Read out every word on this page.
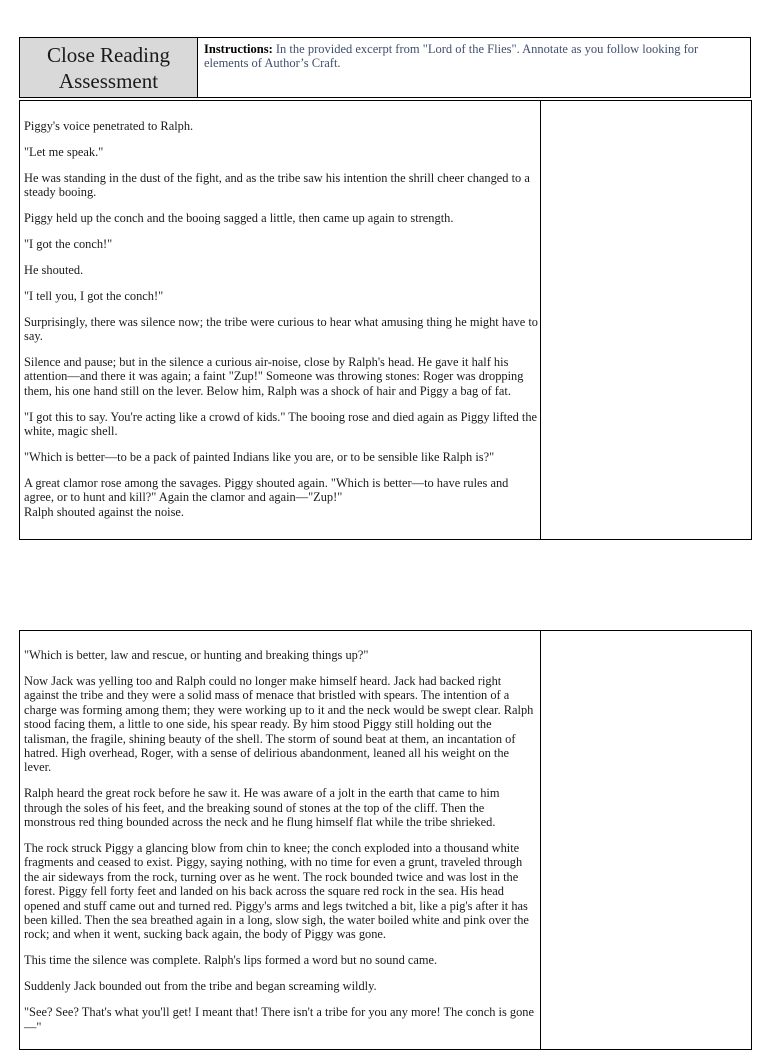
Close Reading Assessment
Instructions: In the provided excerpt from "Lord of the Flies". Annotate as you follow looking for elements of Author’s Craft.

Piggy's voice penetrated to Ralph.

"Let me speak."

He was standing in the dust of the fight, and as the tribe saw his intention the shrill cheer changed to a steady booing.

Piggy held up the conch and the booing sagged a little, then came up again to strength.

"I got the conch!"

He shouted.

"I tell you, I got the conch!"

Surprisingly, there was silence now; the tribe were curious to hear what amusing thing he might have to say.

Silence and pause; but in the silence a curious air-noise, close by Ralph's head. He gave it half his attention—and there it was again; a faint "Zup!" Someone was throwing stones: Roger was dropping them, his one hand still on the lever. Below him, Ralph was a shock of hair and Piggy a bag of fat.

"I got this to say. You're acting like a crowd of kids." The booing rose and died again as Piggy lifted the white, magic shell.

"Which is better—to be a pack of painted Indians like you are, or to be sensible like Ralph is?"

A great clamor rose among the savages. Piggy shouted again. "Which is better—to have rules and agree, or to hunt and kill?" Again the clamor and again—"Zup!"
Ralph shouted against the noise.

"Which is better, law and rescue, or hunting and breaking things up?"

Now Jack was yelling too and Ralph could no longer make himself heard. Jack had backed right against the tribe and they were a solid mass of menace that bristled with spears. The intention of a charge was forming among them; they were working up to it and the neck would be swept clear. Ralph stood facing them, a little to one side, his spear ready. By him stood Piggy still holding out the talisman, the fragile, shining beauty of the shell. The storm of sound beat at them, an incantation of hatred. High overhead, Roger, with a sense of delirious abandonment, leaned all his weight on the lever.

Ralph heard the great rock before he saw it. He was aware of a jolt in the earth that came to him through the soles of his feet, and the breaking sound of stones at the top of the cliff. Then the monstrous red thing bounded across the neck and he flung himself flat while the tribe shrieked.

The rock struck Piggy a glancing blow from chin to knee; the conch exploded into a thousand white fragments and ceased to exist. Piggy, saying nothing, with no time for even a grunt, traveled through the air sideways from the rock, turning over as he went. The rock bounded twice and was lost in the forest. Piggy fell forty feet and landed on his back across the square red rock in the sea. His head opened and stuff came out and turned red. Piggy's arms and legs twitched a bit, like a pig's after it has been killed. Then the sea breathed again in a long, slow sigh, the water boiled white and pink over the rock; and when it went, sucking back again, the body of Piggy was gone.

This time the silence was complete. Ralph's lips formed a word but no sound came.

Suddenly Jack bounded out from the tribe and began screaming wildly.

"See? See? That's what you'll get! I meant that! There isn't a tribe for you any more! The conch is gone—"
